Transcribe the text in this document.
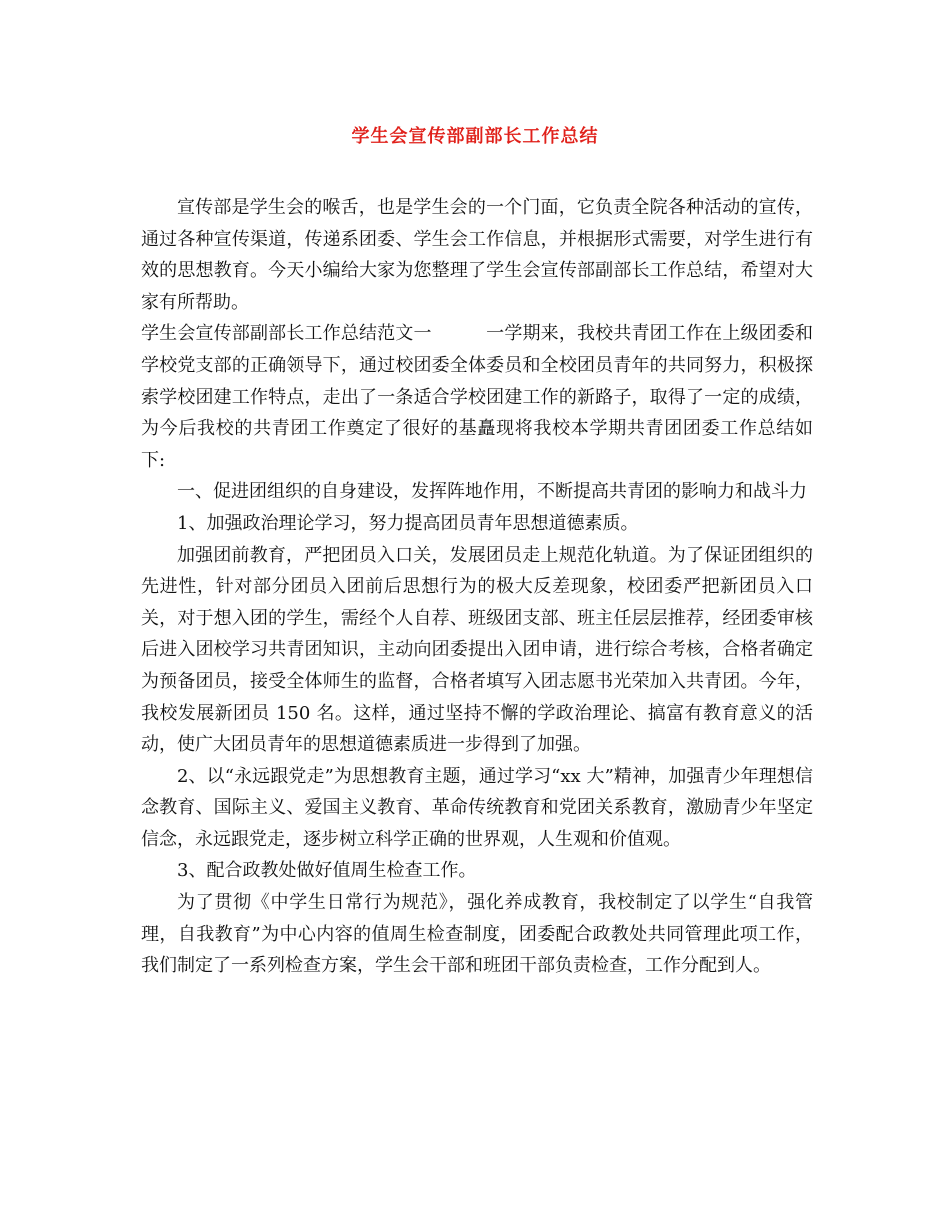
学生会宣传部副部长工作总结

宣传部是学生会的喉舌，也是学生会的一个门面，它负责全院各种活动的宣传，通过各种宣传渠道，传递系团委、学生会工作信息，并根据形式需要，对学生进行有效的思想教育。今天小编给大家为您整理了学生会宣传部副部长工作总结，希望对大家有所帮助。

学生会宣传部副部长工作总结范文一　　　一学期来，我校共青团工作在上级团委和学校党支部的正确领导下，通过校团委全体委员和全校团员青年的共同努力，积极探索学校团建工作特点，走出了一条适合学校团建工作的新路子，取得了一定的成绩，为今后我校的共青团工作奠定了很好的基矗现将我校本学期共青团团委工作总结如下:

一、促进团组织的自身建设，发挥阵地作用，不断提高共青团的影响力和战斗力

1、加强政治理论学习，努力提高团员青年思想道德素质。

加强团前教育，严把团员入口关，发展团员走上规范化轨道。为了保证团组织的先进性，针对部分团员入团前后思想行为的极大反差现象，校团委严把新团员入口关，对于想入团的学生，需经个人自荐、班级团支部、班主任层层推荐，经团委审核后进入团校学习共青团知识，主动向团委提出入团申请，进行综合考核，合格者确定为预备团员，接受全体师生的监督，合格者填写入团志愿书光荣加入共青团。今年，我校发展新团员 150 名。这样，通过坚持不懈的学政治理论、搞富有教育意义的活动，使广大团员青年的思想道德素质进一步得到了加强。

2、以“永远跟党走”为思想教育主题，通过学习“xx 大”精神，加强青少年理想信念教育、国际主义、爱国主义教育、革命传统教育和党团关系教育，激励青少年坚定信念，永远跟党走，逐步树立科学正确的世界观，人生观和价值观。

3、配合政教处做好值周生检查工作。

为了贯彻《中学生日常行为规范》，强化养成教育，我校制定了以学生“自我管理，自我教育”为中心内容的值周生检查制度，团委配合政教处共同管理此项工作，我们制定了一系列检查方案，学生会干部和班团干部负责检查，工作分配到人。
